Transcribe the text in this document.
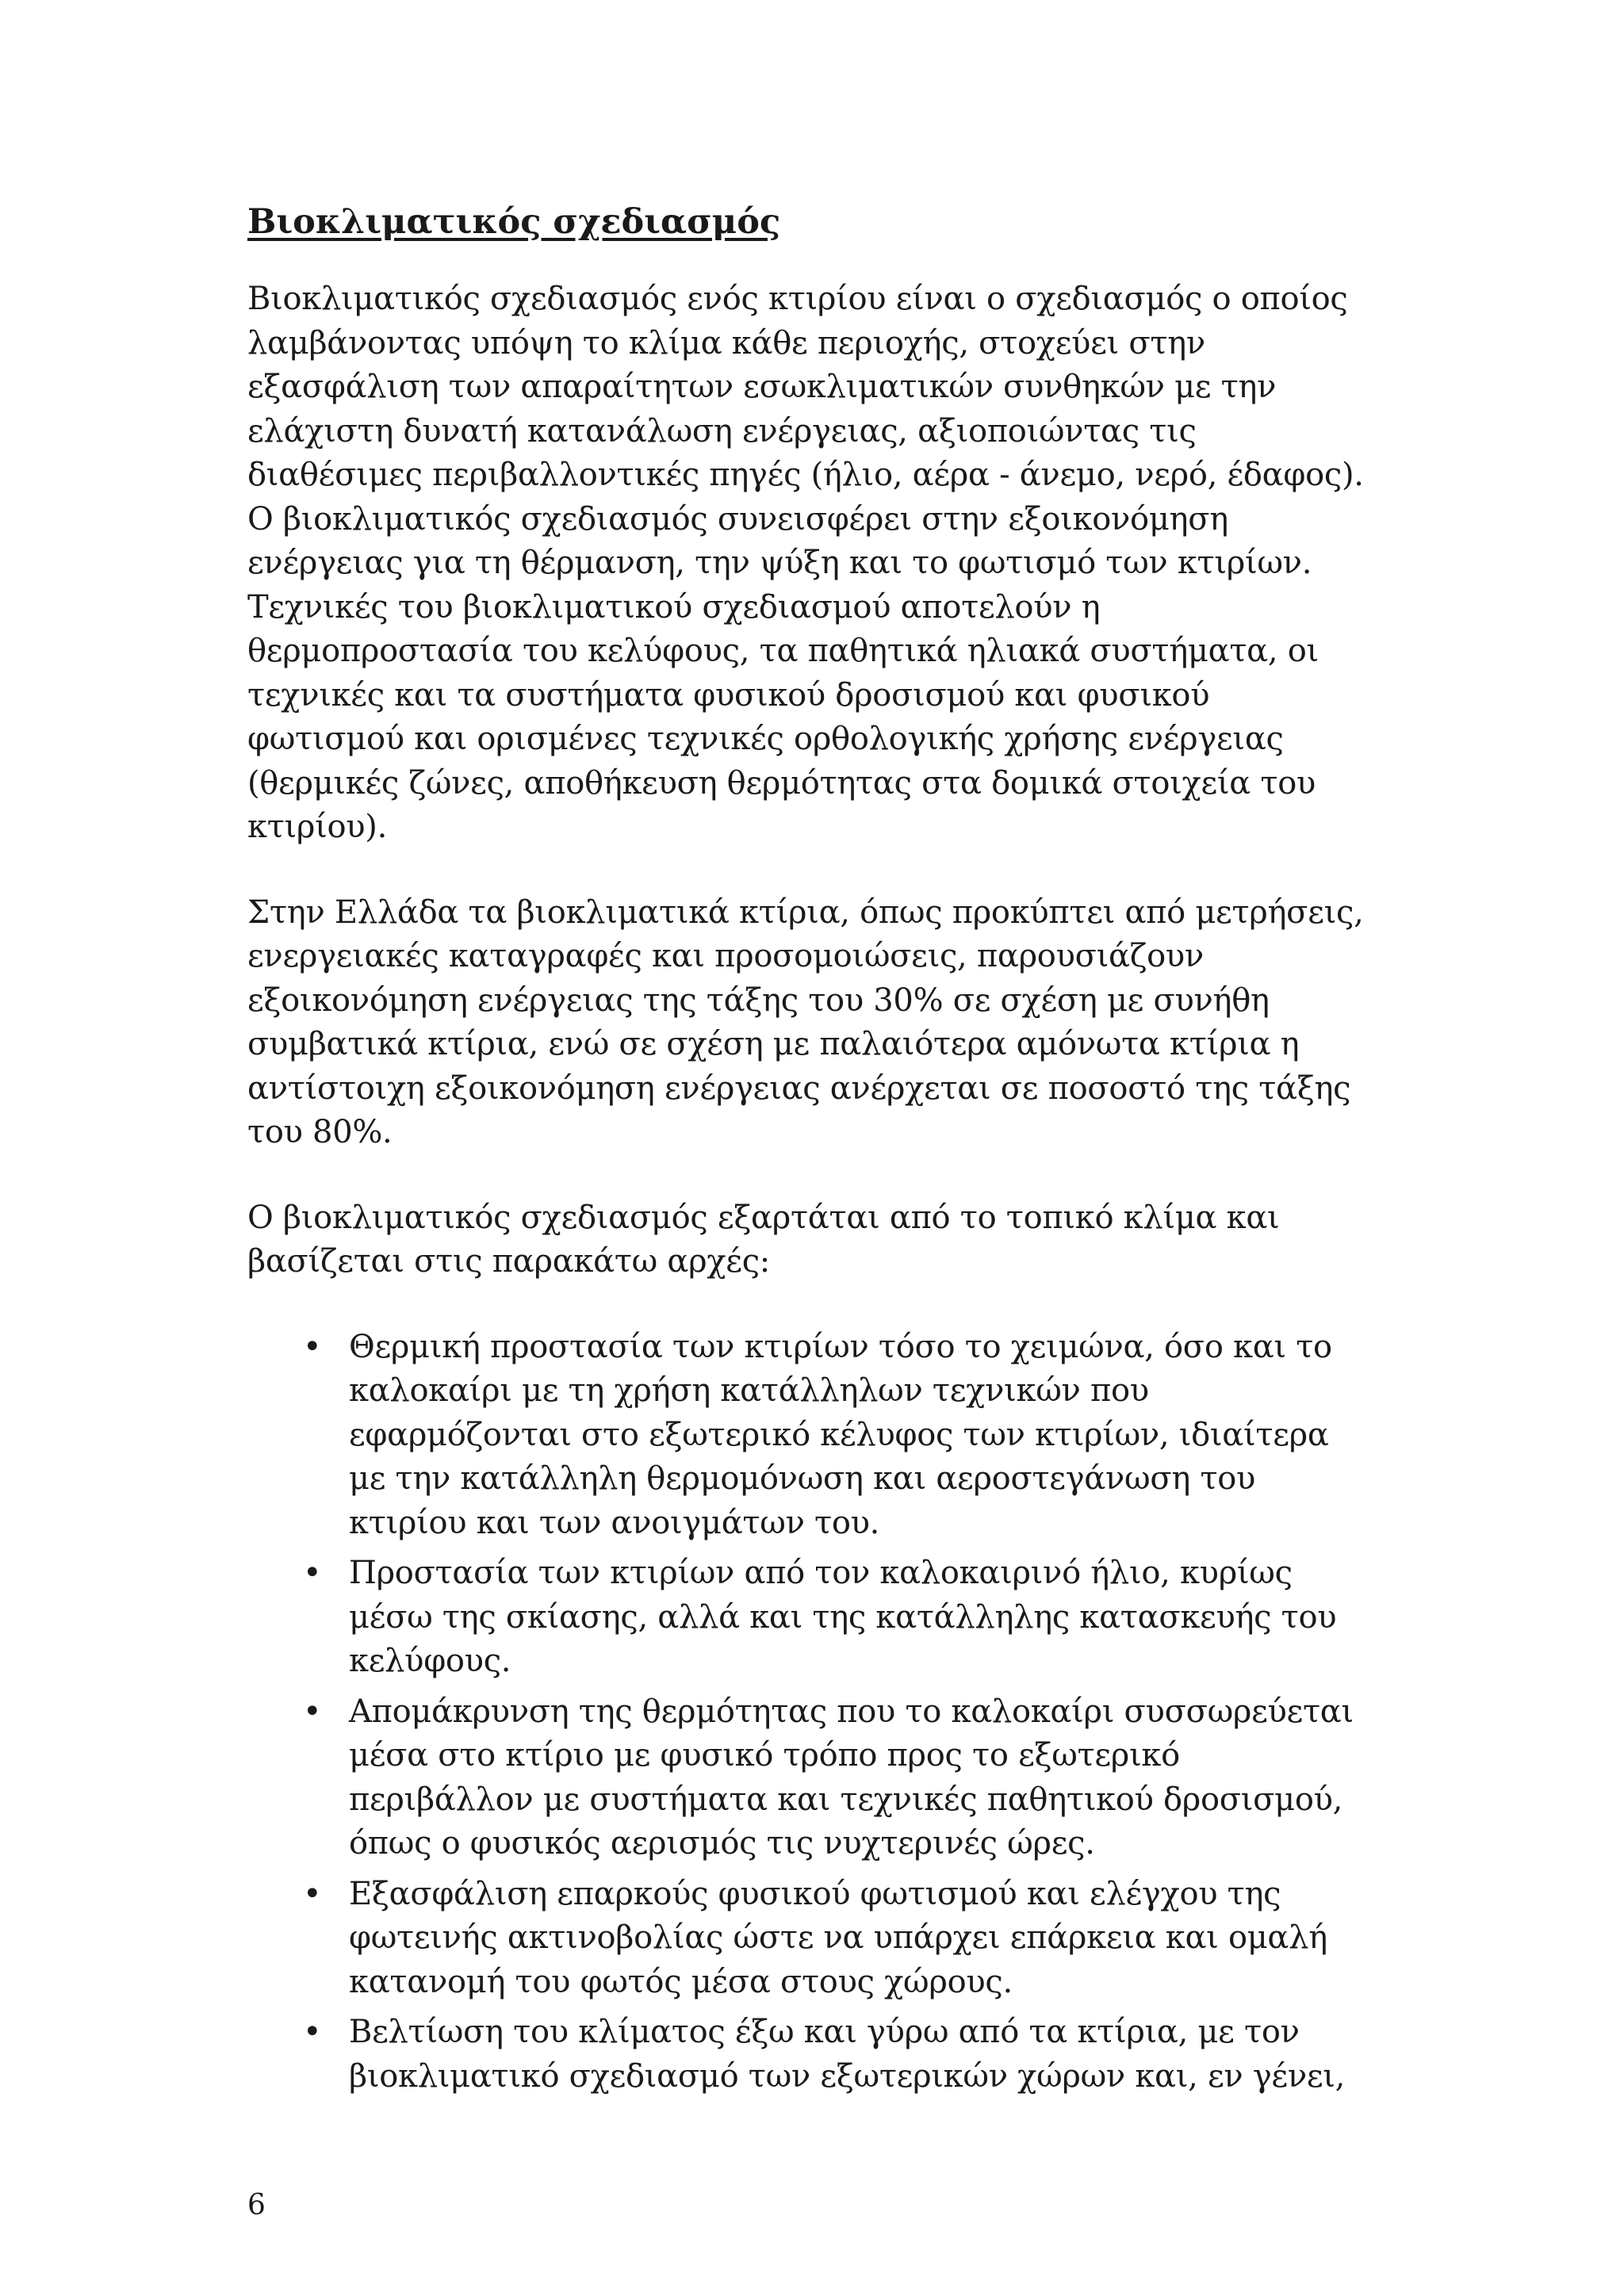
Βιοκλιματικός σχεδιασμός

Βιοκλιματικός σχεδιασμός ενός κτιρίου είναι ο σχεδιασμός ο οποίος λαμβάνοντας υπόψη το κλίμα κάθε περιοχής, στοχεύει στην εξασφάλιση των απαραίτητων εσωκλιματικών συνθηκών με την ελάχιστη δυνατή κατανάλωση ενέργειας, αξιοποιώντας τις διαθέσιμες περιβαλλοντικές πηγές (ήλιο, αέρα - άνεμο, νερό, έδαφος). Ο βιοκλιματικός σχεδιασμός συνεισφέρει στην εξοικονόμηση ενέργειας για τη θέρμανση, την ψύξη και το φωτισμό των κτιρίων. Τεχνικές του βιοκλιματικού σχεδιασμού αποτελούν η θερμοπροστασία του κελύφους, τα παθητικά ηλιακά συστήματα, οι τεχνικές και τα συστήματα φυσικού δροσισμού και φυσικού φωτισμού και ορισμένες τεχνικές ορθολογικής χρήσης ενέργειας (θερμικές ζώνες, αποθήκευση θερμότητας στα δομικά στοιχεία του κτιρίου).

Στην Ελλάδα τα βιοκλιματικά κτίρια, όπως προκύπτει από μετρήσεις, ενεργειακές καταγραφές και προσομοιώσεις, παρουσιάζουν εξοικονόμηση ενέργειας της τάξης του 30% σε σχέση με συνήθη συμβατικά κτίρια, ενώ σε σχέση με παλαιότερα αμόνωτα κτίρια η αντίστοιχη εξοικονόμηση ενέργειας ανέρχεται σε ποσοστό της τάξης του 80%.

Ο βιοκλιματικός σχεδιασμός εξαρτάται από το τοπικό κλίμα και βασίζεται στις παρακάτω αρχές:

• Θερμική προστασία των κτιρίων τόσο το χειμώνα, όσο και το καλοκαίρι με τη χρήση κατάλληλων τεχνικών που εφαρμόζονται στο εξωτερικό κέλυφος των κτιρίων, ιδιαίτερα με την κατάλληλη θερμομόνωση και αεροστεγάνωση του κτιρίου και των ανοιγμάτων του.
• Προστασία των κτιρίων από τον καλοκαιρινό ήλιο, κυρίως μέσω της σκίασης, αλλά και της κατάλληλης κατασκευής του κελύφους.
• Απομάκρυνση της θερμότητας που το καλοκαίρι συσσωρεύεται μέσα στο κτίριο με φυσικό τρόπο προς το εξωτερικό περιβάλλον με συστήματα και τεχνικές παθητικού δροσισμού, όπως ο φυσικός αερισμός τις νυχτερινές ώρες.
• Εξασφάλιση επαρκούς φυσικού φωτισμού και ελέγχου της φωτεινής ακτινοβολίας ώστε να υπάρχει επάρκεια και ομαλή κατανομή του φωτός μέσα στους χώρους.
• Βελτίωση του κλίματος έξω και γύρω από τα κτίρια, με τον βιοκλιματικό σχεδιασμό των εξωτερικών χώρων και, εν γένει,
6
